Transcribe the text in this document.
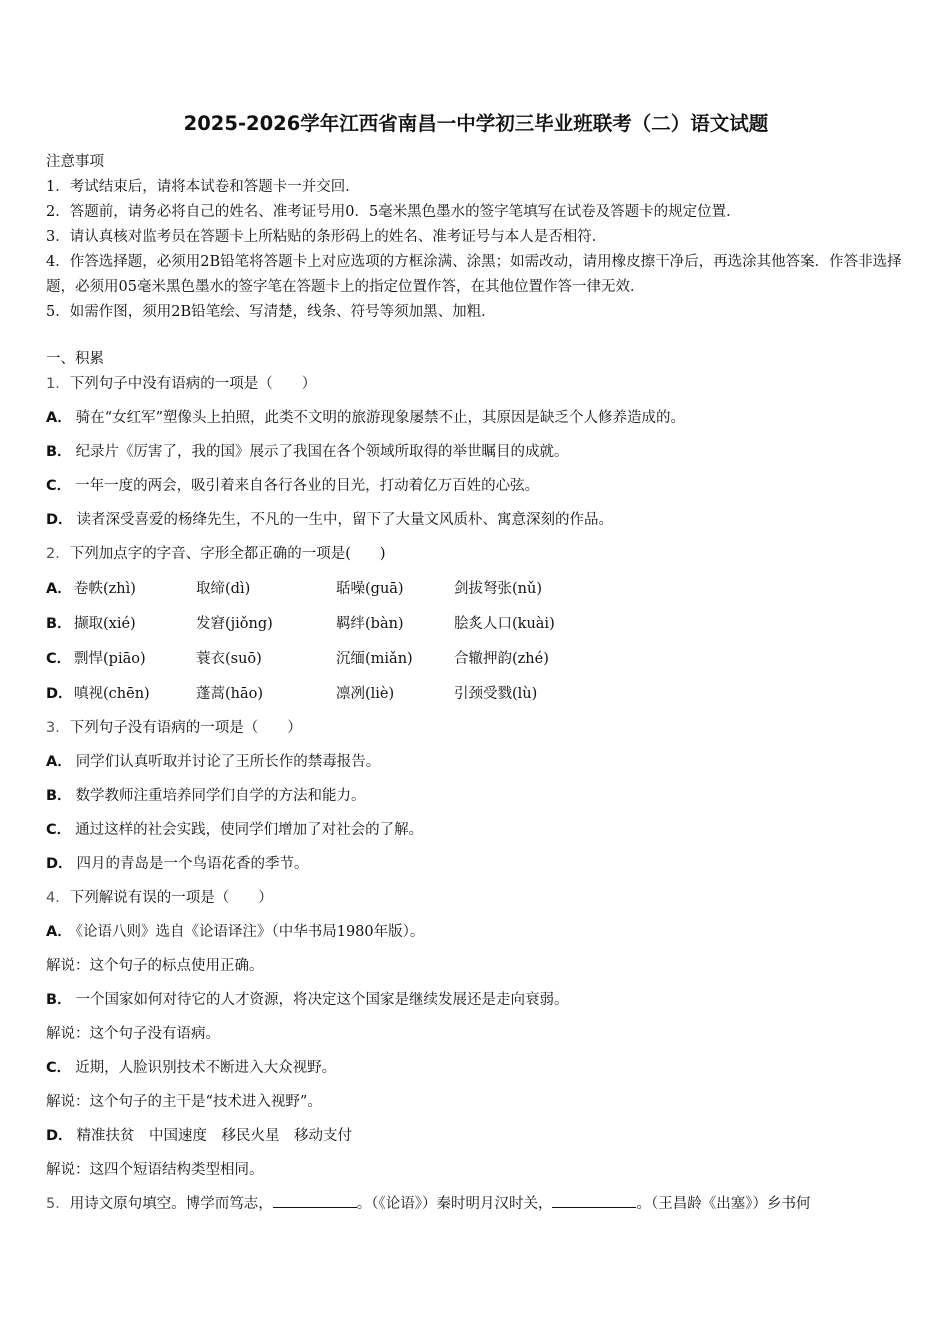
2025-2026学年江西省南昌一中学初三毕业班联考（二）语文试题
注意事项
1．考试结束后，请将本试卷和答题卡一并交回．
2．答题前，请务必将自己的姓名、准考证号用0．5毫米黑色墨水的签字笔填写在试卷及答题卡的规定位置．
3．请认真核对监考员在答题卡上所粘贴的条形码上的姓名、准考证号与本人是否相符．
4．作答选择题，必须用2B铅笔将答题卡上对应选项的方框涂满、涂黑；如需改动，请用橡皮擦干净后，再选涂其他答案．作答非选择题，必须用05毫米黑色墨水的签字笔在答题卡上的指定位置作答，在其他位置作答一律无效．
5．如需作图，须用2B铅笔绘、写清楚，线条、符号等须加黑、加粗．
一、积累
1．下列句子中没有语病的一项是（　　）
A． 骑在“女红军”塑像头上拍照，此类不文明的旅游现象屡禁不止，其原因是缺乏个人修养造成的。
B． 纪录片《厉害了，我的国》展示了我国在各个领域所取得的举世瞩目的成就。
C． 一年一度的两会，吸引着来自各行各业的目光，打动着亿万百姓的心弦。
D． 读者深受喜爱的杨绛先生，不凡的一生中，留下了大量文风质朴、寓意深刻的作品。
2．下列加点字的字音、字形全都正确的一项是(　　)
A． 卷帙(zhì)	取缔(dì)	聒噪(guā)	剑拔弩张(nǔ)
B． 撷取(xié)	发窘(jiǒng)	羁绊(bàn)	脍炙人口(kuài)
C． 剽悍(piāo)	蓑衣(suō)	沉缅(miǎn)	合辙押韵(zhé)
D． 嗔视(chēn)	蓬蒿(hāo)	凛冽(liè)	引颈受戮(lù)
3．下列句子没有语病的一项是（　　）
A． 同学们认真听取并讨论了王所长作的禁毒报告。
B． 数学教师注重培养同学们自学的方法和能力。
C． 通过这样的社会实践，使同学们增加了对社会的了解。
D． 四月的青岛是一个鸟语花香的季节。
4．下列解说有误的一项是（　　）
A． 《论语八则》选自《论语译注》（中华书局1980年版）。
解说：这个句子的标点使用正确。
B． 一个国家如何对待它的人才资源，将决定这个国家是继续发展还是走向衰弱。
解说：这个句子没有语病。
C． 近期，人脸识别技术不断进入大众视野。
解说：这个句子的主干是“技术进入视野”。
D． 精准扶贫　中国速度　移民火星　移动支付
解说：这四个短语结构类型相同。
5．用诗文原句填空。博学而笃志，	。（《论语》）秦时明月汉时关，	。（王昌龄《出塞》）乡书何
